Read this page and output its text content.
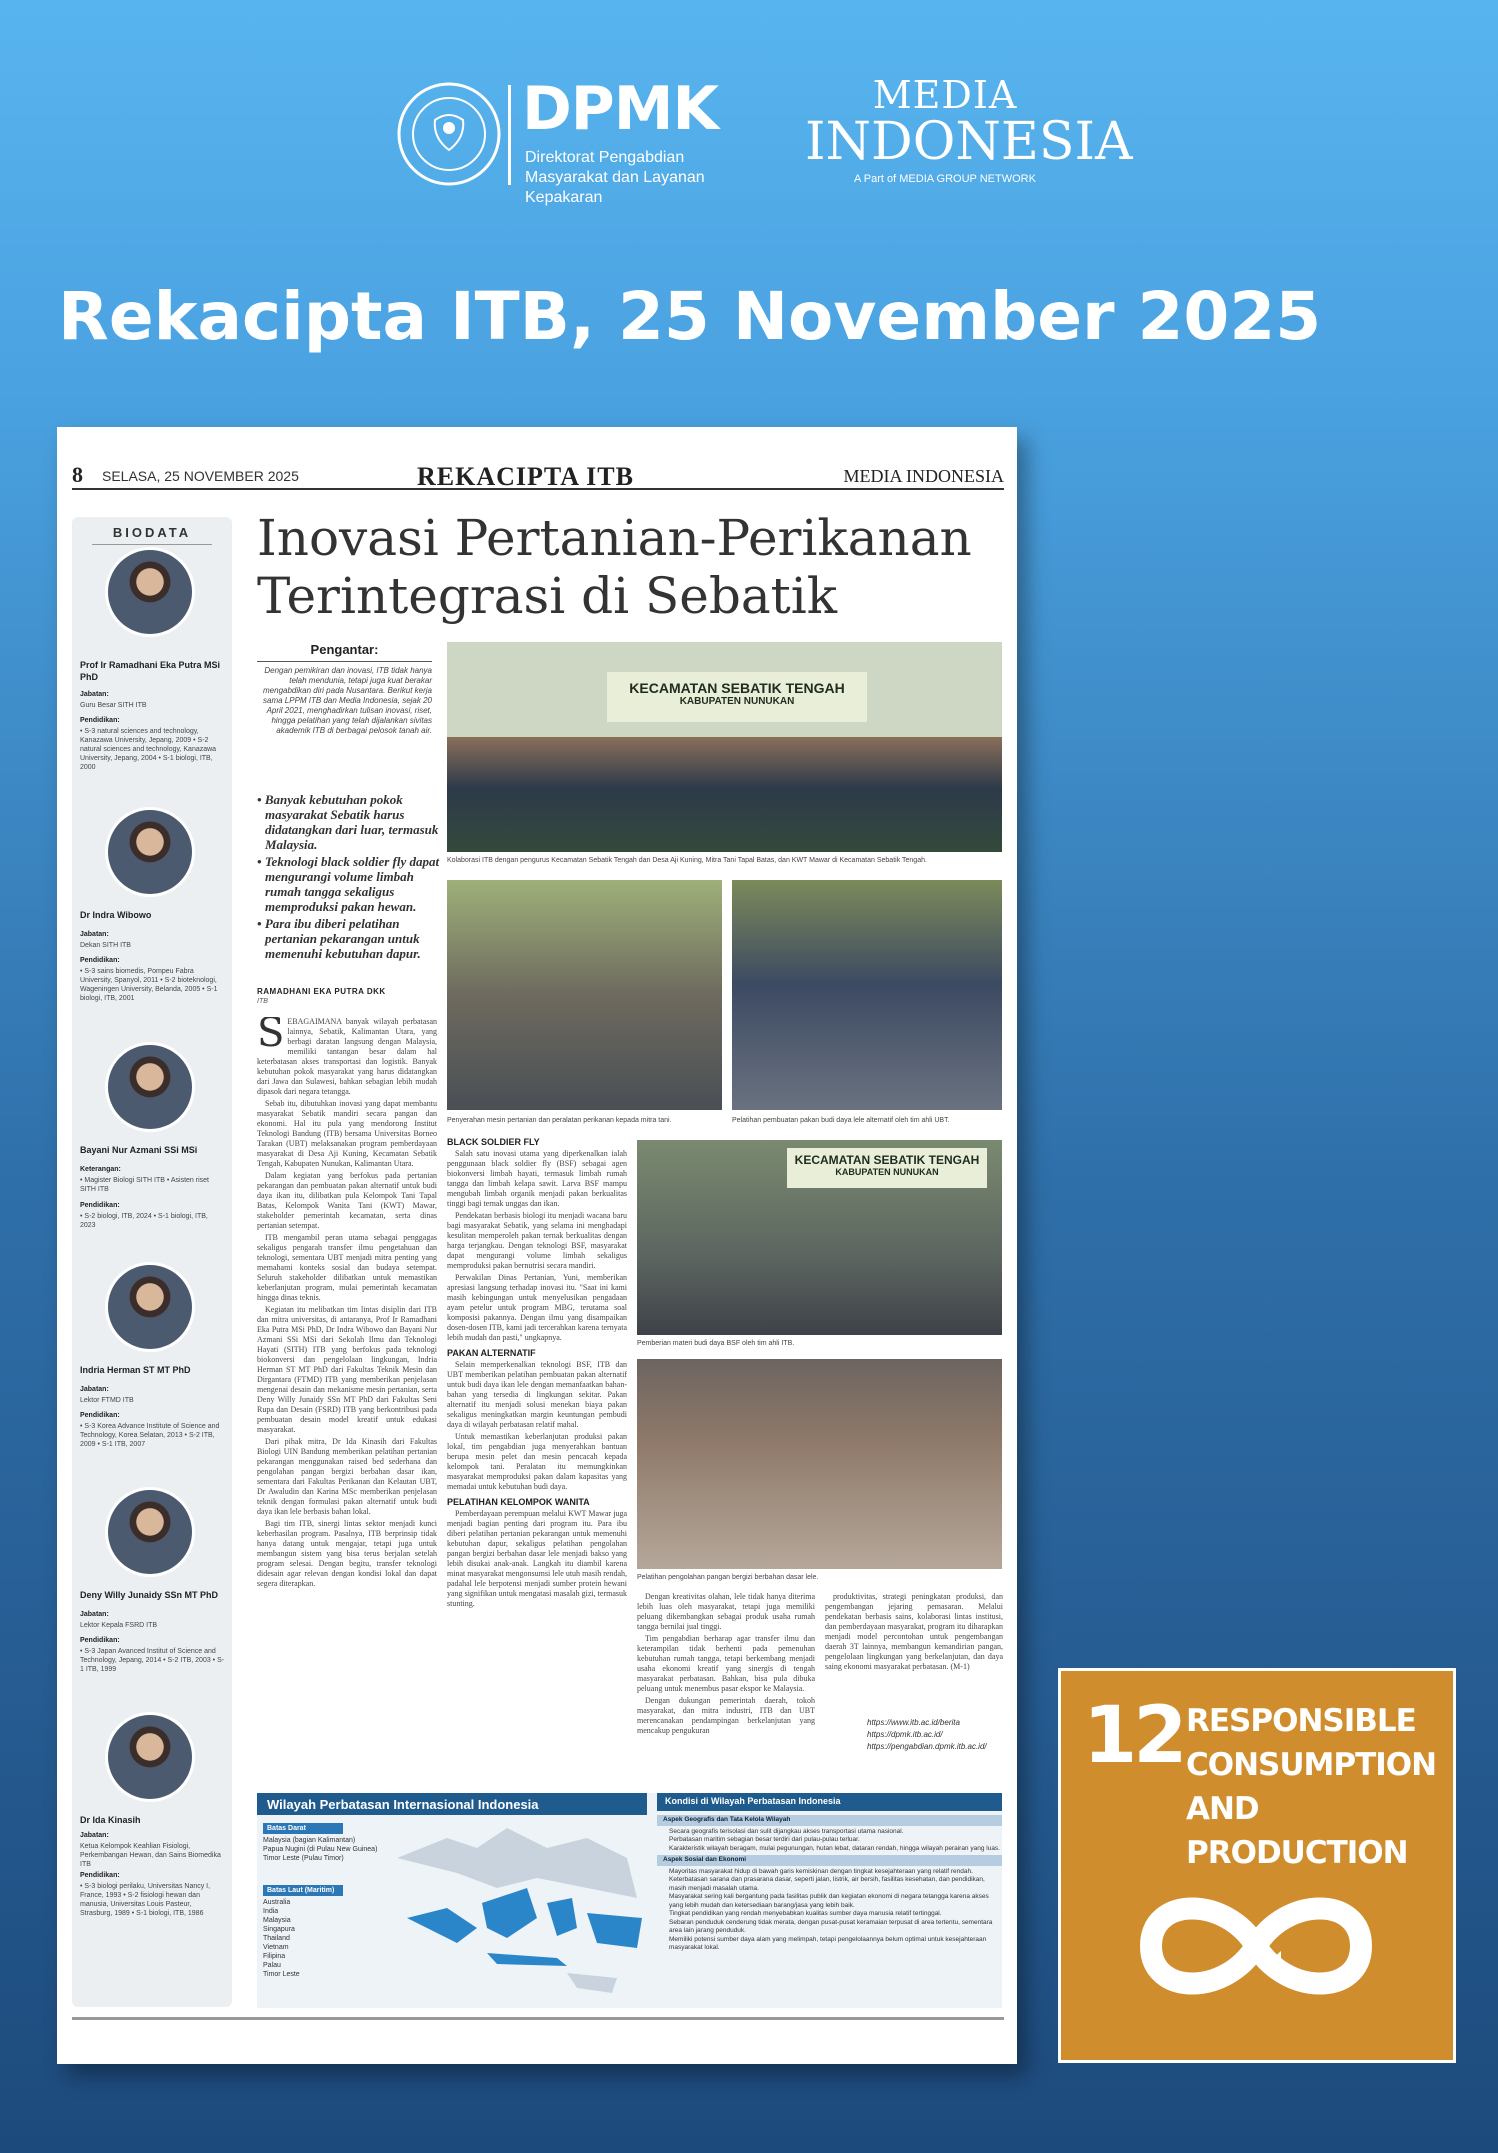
DPMK
Direktorat Pengabdian Masyarakat dan Layanan Kepakaran
MEDIA
INDONESIA
A Part of MEDIA GROUP NETWORK
Rekacipta ITB, 25 November 2025
8 SELASA, 25 NOVEMBER 2025	REKACIPTA ITB	MEDIA INDONESIA
BIODATA
Prof Ir Ramadhani Eka Putra MSi PhD
Jabatan:
Guru Besar SITH ITB
Pendidikan:
• S-3 natural sciences and technology, Kanazawa University, Jepang, 2009 • S-2 natural sciences and technology, Kanazawa University, Jepang, 2004 • S-1 biologi, ITB, 2000
Dr Indra Wibowo
Jabatan:
Dekan SITH ITB
Pendidikan:
• S-3 sains biomedis, Pompeu Fabra University, Spanyol, 2011 • S-2 bioteknologi, Wageningen University, Belanda, 2005 • S-1 biologi, ITB, 2001
Bayani Nur Azmani SSi MSi
Keterangan:
• Magister Biologi SITH ITB • Asisten riset SITH ITB
Pendidikan:
• S-2 biologi, ITB, 2024 • S-1 biologi, ITB, 2023
Indria Herman ST MT PhD
Jabatan:
Lektor FTMD ITB
Pendidikan:
• S-3 Korea Advance Institute of Science and Technology, Korea Selatan, 2013 • S-2 ITB, 2009 • S-1 ITB, 2007
Deny Willy Junaidy SSn MT PhD
Jabatan:
Lektor Kepala FSRD ITB
Pendidikan:
• S-3 Japan Avanced Institut of Science and Technology, Jepang, 2014 • S-2 ITB, 2003 • S-1 ITB, 1999
Dr Ida Kinasih
Jabatan:
Ketua Kelompok Keahlian Fisiologi, Perkembangan Hewan, dan Sains Biomedika ITB
Pendidikan:
• S-3 biologi perilaku, Universitas Nancy I, France, 1993 • S-2 fisiologi hewan dan manusia, Universitas Louis Pasteur, Strasburg, 1989 • S-1 biologi, ITB, 1986
Inovasi Pertanian-Perikanan
Terintegrasi di Sebatik
Pengantar:
Dengan pemikiran dan inovasi, ITB tidak hanya telah mendunia, tetapi juga kuat berakar mengabdikan diri pada Nusantara. Berikut kerja sama LPPM ITB dan Media Indonesia, sejak 20 April 2021, menghadirkan tulisan inovasi, riset, hingga pelatihan yang telah dijalankan sivitas akademik ITB di berbagai pelosok tanah air.
• Banyak kebutuhan pokok masyarakat Sebatik harus didatangkan dari luar, termasuk Malaysia.
• Teknologi black soldier fly dapat mengurangi volume limbah rumah tangga sekaligus memproduksi pakan hewan.
• Para ibu diberi pelatihan pertanian pekarangan untuk memenuhi kebutuhan dapur.
RAMADHANI EKA PUTRA DKK
ITB

SEBAGAIMANA banyak wilayah perbatasan lainnya, Sebatik, Kalimantan Utara, yang berbagi daratan langsung dengan Malaysia, memiliki tantangan besar dalam hal keterbatasan akses transportasi dan logistik. Banyak kebutuhan pokok masyarakat yang harus didatangkan dari Jawa dan Sulawesi, bahkan sebagian lebih mudah dipasok dari negara tetangga.

Sebab itu, dibutuhkan inovasi yang dapat membantu masyarakat Sebatik mandiri secara pangan dan ekonomi. Hal itu pula yang mendorong Institut Teknologi Bandung (ITB) bersama Universitas Borneo Tarakan (UBT) melaksanakan program pemberdayaan masyarakat di Desa Aji Kuning, Kecamatan Sebatik Tengah, Kabupaten Nunukan, Kalimantan Utara.

Dalam kegiatan yang berfokus pada pertanian pekarangan dan pembuatan pakan alternatif untuk budi daya ikan itu, dilibatkan pula Kelompok Tani Tapal Batas, Kelompok Wanita Tani (KWT) Mawar, stakeholder pemerintah kecamatan, serta dinas pertanian setempat.

ITB mengambil peran utama sebagai penggagas sekaligus pengarah transfer ilmu pengetahuan dan teknologi, sementara UBT menjadi mitra penting yang memahami konteks sosial dan budaya setempat. Seluruh stakeholder dilibatkan untuk memastikan keberlanjutan program, mulai pemerintah kecamatan hingga dinas teknis.

Kegiatan itu melibatkan tim lintas disiplin dari ITB dan mitra universitas, di antaranya, Prof Ir Ramadhani Eka Putra MSi PhD, Dr Indra Wibowo dan Bayani Nur Azmani SSi MSi dari Sekolah Ilmu dan Teknologi Hayati (SITH) ITB yang berfokus pada teknologi biokonversi dan pengelolaan lingkungan, Indria Herman ST MT PhD dari Fakultas Teknik Mesin dan Dirgantara (FTMD) ITB yang memberikan penjelasan mengenai desain dan mekanisme mesin pertanian, serta Deny Willy Junaidy SSn MT PhD dari Fakultas Seni Rupa dan Desain (FSRD) ITB yang berkontribusi pada pembuatan desain model kreatif untuk edukasi masyarakat.

Dari pihak mitra, Dr Ida Kinasih dari Fakultas Biologi UIN Bandung memberikan pelatihan pertanian pekarangan menggunakan raised bed sederhana dan pengolahan pangan bergizi berbahan dasar ikan, sementara dari Fakultas Perikanan dan Kelautan UBT, Dr Awaludin dan Karina MSc memberikan penjelasan teknik dengan formulasi pakan alternatif untuk budi daya ikan lele berbasis bahan lokal.

Bagi tim ITB, sinergi lintas sektor menjadi kunci keberhasilan program. Pasalnya, ITB berprinsip tidak hanya datang untuk mengajar, tetapi juga untuk membangun sistem yang bisa terus berjalan setelah program selesai. Dengan begitu, transfer teknologi didesain agar relevan dengan kondisi lokal dan dapat segera diterapkan.

KECAMATAN SEBATIK TENGAH
KABUPATEN NUNUKAN
Kolaborasi ITB dengan pengurus Kecamatan Sebatik Tengah dan Desa Aji Kuning, Mitra Tani Tapal Batas, dan KWT Mawar di Kecamatan Sebatik Tengah.
Penyerahan mesin pertanian dan peralatan perikanan kepada mitra tani.	Pelatihan pembuatan pakan budi daya lele alternatif oleh tim ahli UBT.
BLACK SOLDIER FLY

Salah satu inovasi utama yang diperkenalkan ialah penggunaan black soldier fly (BSF) sebagai agen biokonversi limbah hayati, termasuk limbah rumah tangga dan limbah kelapa sawit. Larva BSF mampu mengubah limbah organik menjadi pakan berkualitas tinggi bagi ternak unggas dan ikan.

Pendekatan berbasis biologi itu menjadi wacana baru bagi masyarakat Sebatik, yang selama ini menghadapi kesulitan memperoleh pakan ternak berkualitas dengan harga terjangkau. Dengan teknologi BSF, masyarakat dapat mengurangi volume limbah sekaligus memproduksi pakan bernutrisi secara mandiri.

Perwakilan Dinas Pertanian, Yuni, memberikan apresiasi langsung terhadap inovasi itu. "Saat ini kami masih kebingungan untuk menyelusikan pengadaan ayam petelur untuk program MBG, terutama soal komposisi pakannya. Dengan ilmu yang disampaikan dosen-dosen ITB, kami jadi tercerahkan karena ternyata lebih mudah dan pasti," ungkapnya.

PAKAN ALTERNATIF

Selain memperkenalkan teknologi BSF, ITB dan UBT memberikan pelatihan pembuatan pakan alternatif untuk budi daya ikan lele dengan memanfaatkan bahan-bahan yang tersedia di lingkungan sekitar. Pakan alternatif itu menjadi solusi menekan biaya pakan sekaligus meningkatkan margin keuntungan pembudi daya di wilayah perbatasan relatif mahal.

Untuk memastikan keberlanjutan produksi pakan lokal, tim pengabdian juga menyerahkan bantuan berupa mesin pelet dan mesin pencacah kepada kelompok tani. Peralatan itu memungkinkan masyarakat memproduksi pakan dalam kapasitas yang memadai untuk kebutuhan budi daya.

PELATIHAN KELOMPOK WANITA

Pemberdayaan perempuan melalui KWT Mawar juga menjadi bagian penting dari program itu. Para ibu diberi pelatihan pertanian pekarangan untuk memenuhi kebutuhan dapur, sekaligus pelatihan pengolahan pangan bergizi berbahan dasar lele menjadi bakso yang lebih disukai anak-anak. Langkah itu diambil karena minat masyarakat mengonsumsi lele utuh masih rendah, padahal lele berpotensi menjadi sumber protein hewani yang signifikan untuk mengatasi masalah gizi, termasuk stunting.

KECAMATAN SEBATIK TENGAH
KABUPATEN NUNUKAN
Pemberian materi budi daya BSF oleh tim ahli ITB.
Pelatihan pengolahan pangan bergizi berbahan dasar lele.

Dengan kreativitas olahan, lele tidak hanya diterima lebih luas oleh masyarakat, tetapi juga memiliki peluang dikembangkan sebagai produk usaha rumah tangga bernilai jual tinggi.

Tim pengabdian berharap agar transfer ilmu dan keterampilan tidak berhenti pada pemenuhan kebutuhan rumah tangga, tetapi berkembang menjadi usaha ekonomi kreatif yang sinergis di tengah masyarakat perbatasan. Bahkan, bisa pula dibuka peluang untuk menembus pasar ekspor ke Malaysia.

Dengan dukungan pemerintah daerah, tokoh masyarakat, dan mitra industri, ITB dan UBT merencanakan pendampingan berkelanjutan yang mencakup pengukuran

produktivitas, strategi peningkatan produksi, dan pengembangan jejaring pemasaran. Melalui pendekatan berbasis sains, kolaborasi lintas institusi, dan pemberdayaan masyarakat, program itu diharapkan menjadi model percontohan untuk pengembangan daerah 3T lainnya, membangun kemandirian pangan, pengelolaan lingkungan yang berkelanjutan, dan daya saing ekonomi masyarakat perbatasan. (M-1)

https://www.itb.ac.id/berita
https://dpmk.itb.ac.id/
https://pengabdian.dpmk.itb.ac.id/
Wilayah Perbatasan Internasional Indonesia
Batas Darat
Malaysia (bagian Kalimantan)
Papua Nugini (di Pulau New Guinea)
Timor Leste (Pulau Timor)
Batas Laut (Maritim)
Australia
India
Malaysia
Singapura
Thailand
Vietnam
Filipina
Palau
Timor Leste
Kondisi di Wilayah Perbatasan Indonesia
Aspek Geografis dan Tata Kelola Wilayah
Secara geografis terisolasi dan sulit dijangkau akses transportasi utama nasional.
Perbatasan maritim sebagian besar terdiri dari pulau-pulau terluar.
Karakteristik wilayah beragam, mulai pegunungan, hutan lebat, dataran rendah, hingga wilayah perairan yang luas.
Aspek Sosial dan Ekonomi
Mayoritas masyarakat hidup di bawah garis kemiskinan dengan tingkat kesejahteraan yang relatif rendah.
Keterbatasan sarana dan prasarana dasar, seperti jalan, listrik, air bersih, fasilitas kesehatan, dan pendidikan, masih menjadi masalah utama.
Masyarakat sering kali bergantung pada fasilitas publik dan kegiatan ekonomi di negara tetangga karena akses yang lebih mudah dan ketersediaan barang/jasa yang lebih baik.
Tingkat pendidikan yang rendah menyebabkan kualitas sumber daya manusia relatif tertinggal.
Sebaran penduduk cenderung tidak merata, dengan pusat-pusat keramaian terpusat di area tertentu, sementara area lain jarang penduduk.
Memiliki potensi sumber daya alam yang melimpah, tetapi pengelolaannya belum optimal untuk kesejahteraan masyarakat lokal.
12 RESPONSIBLE
CONSUMPTION
AND PRODUCTION
